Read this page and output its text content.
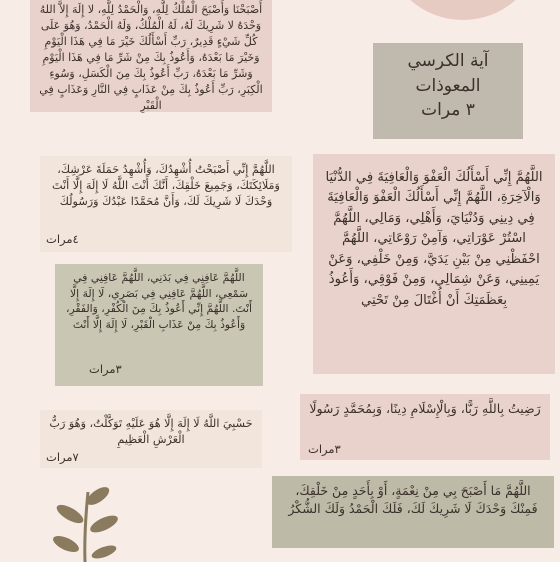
أَصْبَحْنَا وَأَصْبَحَ الْمُلْكُ لِلَّهِ، وَالْحَمْدُ لِلَّهِ، لا إِلَهَ إِلاَّ اللهُ وَحْدَهُ لا شَرِيكَ لَهُ، لَهُ الْمُلْكُ، وَلَهُ الْحَمْدُ، وَهُوَ عَلَى كُلِّ شَيْءٍ قَدِيرٌ، رَبِّ أَسْأَلُكَ خَيْرَ مَا فِي هَذَا الْيَوْمِ وَخَيْرَ مَا بَعْدَهُ، وَأَعُوذُ بِكَ مِنْ شَرِّ مَا فِي هَذَا الْيَوْمِ وَشَرِّ مَا بَعْدَهُ، رَبِّ أَعُوذُ بِكَ مِنَ الْكَسَلِ، وَسُوءِ الْكِبَرِ، رَبِّ أَعُوذُ بِكَ مِنْ عَذَابٍ فِي النَّارِ وَعَذَابٍ فِي الْقَبْرِ
آية الكرسي
المعوذات
٣ مرات
اللَّهُمَّ إِنِّي أَسْأَلُكَ الْعَفْوَ وَالْعَافِيَةَ فِي الدُّنْيَا وَالْآخِرَةِ، اللَّهُمَّ إِنِّي أَسْأَلُكَ الْعَفْوَ وَالْعَافِيَةَ فِي دِينِي وَدُنْيَايَ، وَأَهْلِي، وَمَالِي، اللَّهُمَّ اسْتُرْ عَوْرَاتِي، وَآمِنْ رَوْعَاتِي، اللَّهُمَّ احْفَظْنِي مِنْ بَيْنِ يَدَيَّ، وَمِنْ خَلْفِي، وَعَنْ يَمِينِي، وَعَنْ شِمَالِي، وَمِنْ فَوْقِي، وَأَعُوذُ بِعَظَمَتِكَ أَنْ أُغْتَالَ مِنْ تَحْتِي
اللَّهُمَّ إِنِّي أَصْبَحْتُ أُشْهِدُكَ، وَأُشْهِدُ حَمَلَةَ عَرْشِكَ، وَمَلَائِكَتَكَ، وَجَمِيعَ خَلْقِكَ، أَنَّكَ أَنْتَ اللَّهُ لَا إِلَهَ إِلَّا أَنْتَ وَحْدَكَ لَا شَرِيكَ لَكَ، وَأَنَّ مُحَمَّدًا عَبْدُكَ وَرَسُولُكَ
٤مرات
اللَّهُمَّ عَافِنِي فِي بَدَنِي، اللَّهُمَّ عَافِنِي فِي سَمْعِي، اللَّهُمَّ عَافِنِي فِي بَصَرِي، لَا إِلَهَ إِلَّا أَنْتَ. اللَّهُمَّ إِنِّي أَعُوذُ بِكَ مِنَ الْكُفْرِ، وَالفَقْرِ، وَأَعُوذُ بِكَ مِنْ عَذَابِ الْقَبْرِ، لَا إِلَهَ إِلَّا أَنْتَ
٣مرات
حَسْبِيَ اللَّهُ لَا إِلَهَ إِلَّا هُوَ عَلَيْهِ تَوَكَّلْتُ، وَهُوَ رَبُّ الْعَرْشِ الْعَظِيمِ
٧مرات
رَضِيتُ بِاللَّهِ رَبًّا، وَبِالْإِسْلَامِ دِينًا، وَبِمُحَمَّدٍ رَسُولًا
٣مرات
اللَّهُمَّ مَا أَصْبَحَ بِي مِنْ نِعْمَةٍ، أَوْ بِأَحَدٍ مِنْ خَلْقِكَ، فَمِنْكَ وَحْدَكَ لَا شَرِيكَ لَكَ، فَلَكَ الْحَمْدُ وَلَكَ الشُّكْرُ
